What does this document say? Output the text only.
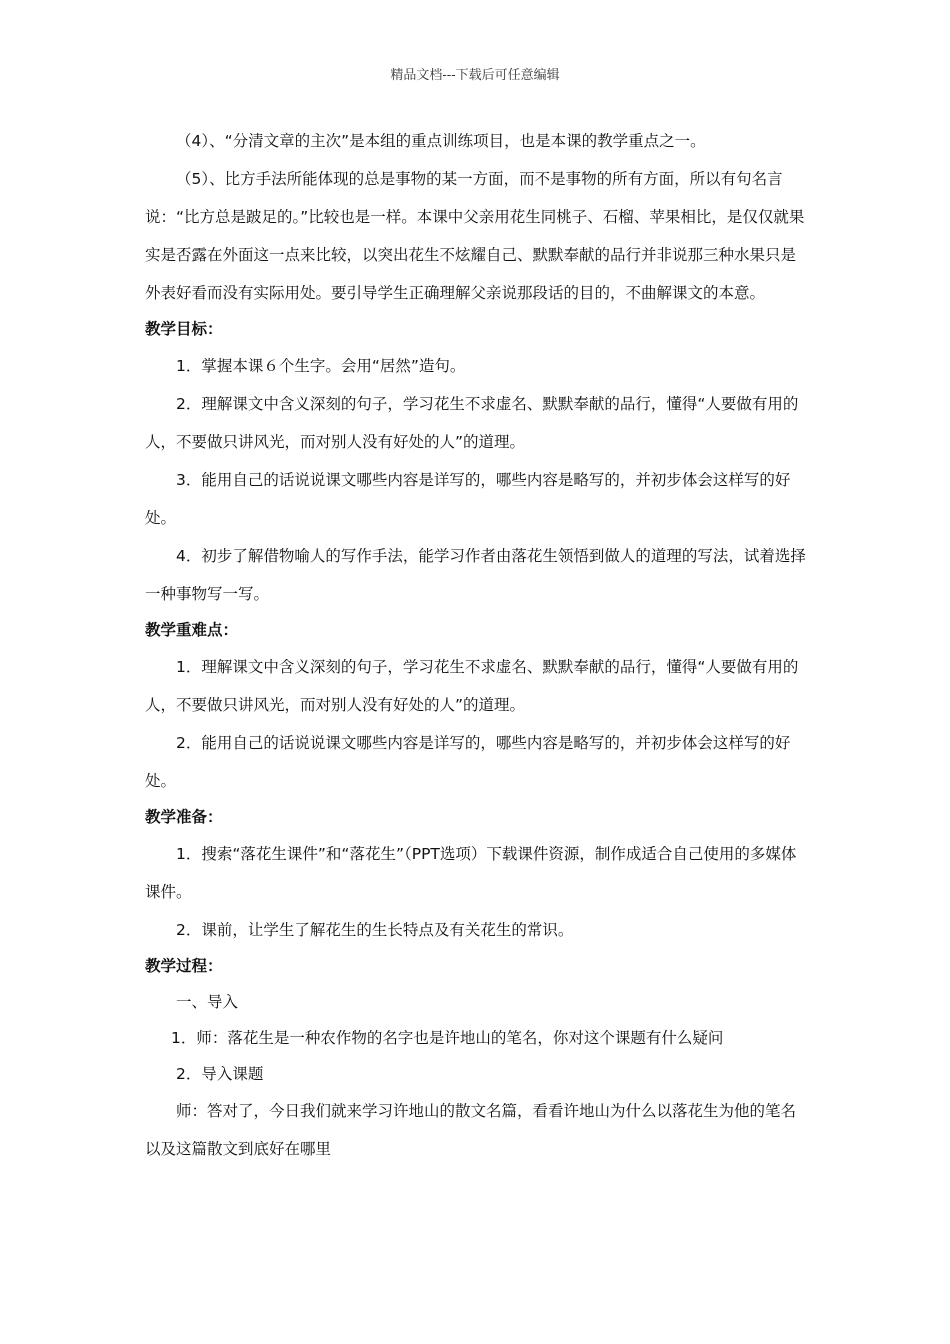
精品文档---下载后可任意编辑

（4）、“分清文章的主次”是本组的重点训练项目，也是本课的教学重点之一。

（5）、比方手法所能体现的总是事物的某一方面，而不是事物的所有方面，所以有句名言说：“比方总是跛足的。”比较也是一样。本课中父亲用花生同桃子、石榴、苹果相比，是仅仅就果实是否露在外面这一点来比较，以突出花生不炫耀自己、默默奉献的品行并非说那三种水果只是外表好看而没有实际用处。要引导学生正确理解父亲说那段话的目的，不曲解课文的本意。

教学目标：

1．掌握本课６个生字。会用“居然”造句。

2．理解课文中含义深刻的句子，学习花生不求虚名、默默奉献的品行，懂得“人要做有用的人，不要做只讲风光，而对别人没有好处的人”的道理。

3．能用自己的话说说课文哪些内容是详写的，哪些内容是略写的，并初步体会这样写的好处。

4．初步了解借物喻人的写作手法，能学习作者由落花生领悟到做人的道理的写法，试着选择一种事物写一写。

教学重难点：

1．理解课文中含义深刻的句子，学习花生不求虚名、默默奉献的品行，懂得“人要做有用的人，不要做只讲风光，而对别人没有好处的人”的道理。

2．能用自己的话说说课文哪些内容是详写的，哪些内容是略写的，并初步体会这样写的好处。

教学准备：

1．搜索“落花生课件”和“落花生”（PPT选项）下载课件资源，制作成适合自己使用的多媒体课件。

2．课前，让学生了解花生的生长特点及有关花生的常识。

教学过程：

一、导入

1．师：落花生是一种农作物的名字也是许地山的笔名，你对这个课题有什么疑问

2．导入课题

师：答对了，今日我们就来学习许地山的散文名篇，看看许地山为什么以落花生为他的笔名以及这篇散文到底好在哪里
